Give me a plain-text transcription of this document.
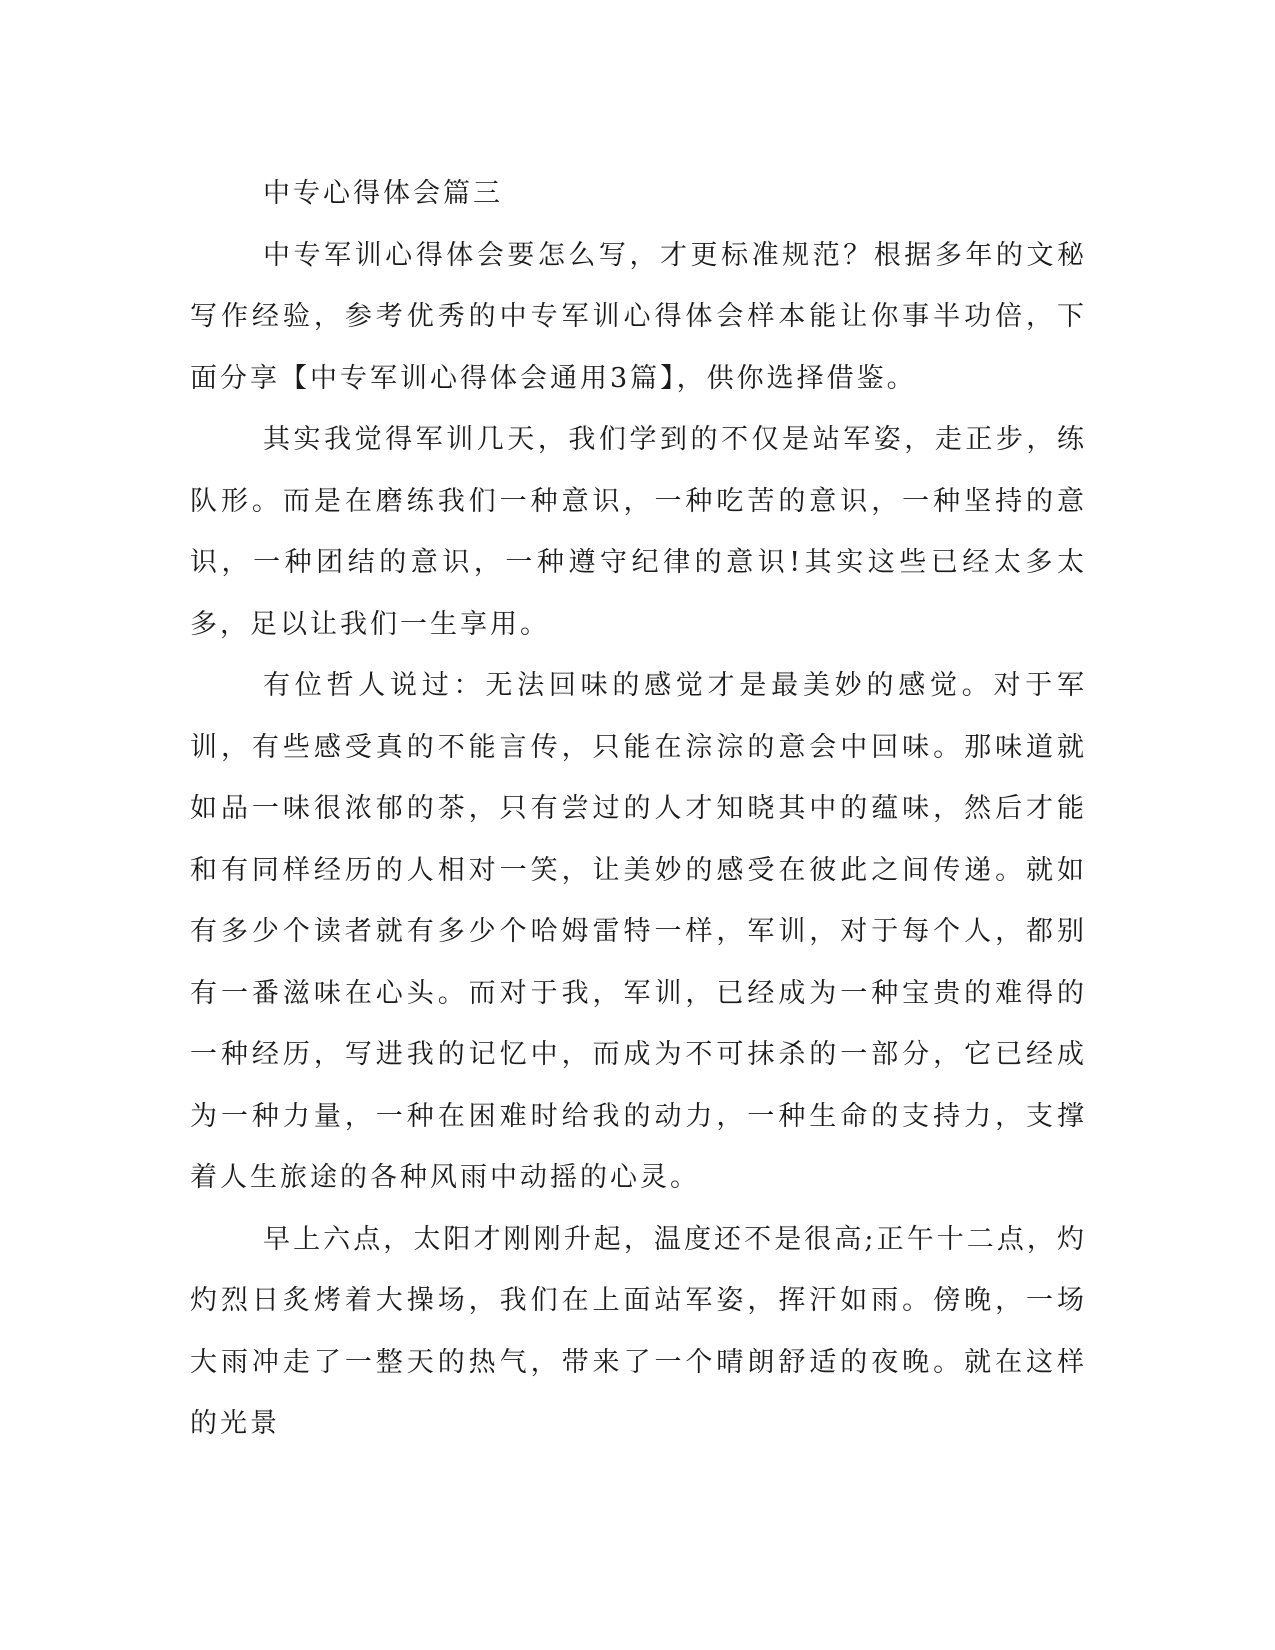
中专心得体会篇三

中专军训心得体会要怎么写，才更标准规范？根据多年的文秘写作经验，参考优秀的中专军训心得体会样本能让你事半功倍，下面分享【中专军训心得体会通用3篇】，供你选择借鉴。

其实我觉得军训几天，我们学到的不仅是站军姿，走正步，练队形。而是在磨练我们一种意识，一种吃苦的意识，一种坚持的意识，一种团结的意识，一种遵守纪律的意识!其实这些已经太多太多，足以让我们一生享用。

有位哲人说过：无法回味的感觉才是最美妙的感觉。对于军训，有些感受真的不能言传，只能在淙淙的意会中回味。那味道就如品一味很浓郁的茶，只有尝过的人才知晓其中的蕴味，然后才能和有同样经历的人相对一笑，让美妙的感受在彼此之间传递。就如有多少个读者就有多少个哈姆雷特一样，军训，对于每个人，都别有一番滋味在心头。而对于我，军训，已经成为一种宝贵的难得的一种经历，写进我的记忆中，而成为不可抹杀的一部分，它已经成为一种力量，一种在困难时给我的动力，一种生命的支持力，支撑着人生旅途的各种风雨中动摇的心灵。

早上六点，太阳才刚刚升起，温度还不是很高;正午十二点，灼灼烈日炙烤着大操场，我们在上面站军姿，挥汗如雨。傍晚，一场大雨冲走了一整天的热气，带来了一个晴朗舒适的夜晚。就在这样的光景
